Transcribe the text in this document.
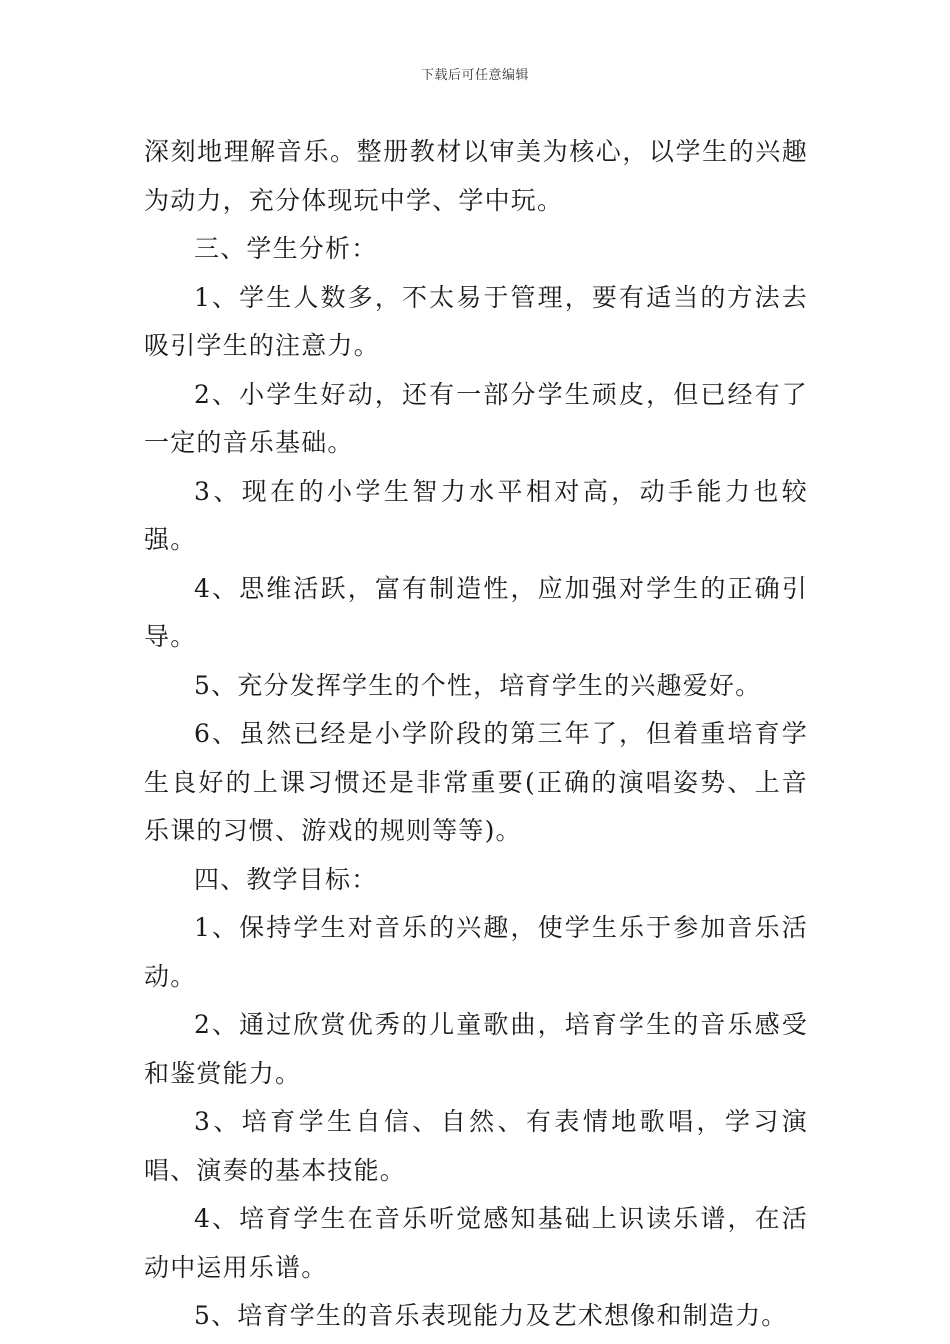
下载后可任意编辑

深刻地理解音乐。整册教材以审美为核心，以学生的兴趣为动力，充分体现玩中学、学中玩。

三、学生分析：

1、学生人数多，不太易于管理，要有适当的方法去吸引学生的注意力。

2、小学生好动，还有一部分学生顽皮，但已经有了一定的音乐基础。

3、现在的小学生智力水平相对高，动手能力也较强。

4、思维活跃，富有制造性，应加强对学生的正确引导。

5、充分发挥学生的个性，培育学生的兴趣爱好。

6、虽然已经是小学阶段的第三年了，但着重培育学生良好的上课习惯还是非常重要(正确的演唱姿势、上音乐课的习惯、游戏的规则等等)。

四、教学目标：

1、保持学生对音乐的兴趣，使学生乐于参加音乐活动。

2、通过欣赏优秀的儿童歌曲，培育学生的音乐感受和鉴赏能力。

3、培育学生自信、自然、有表情地歌唱，学习演唱、演奏的基本技能。

4、培育学生在音乐听觉感知基础上识读乐谱，在活动中运用乐谱。

5、培育学生的音乐表现能力及艺术想像和制造力。
